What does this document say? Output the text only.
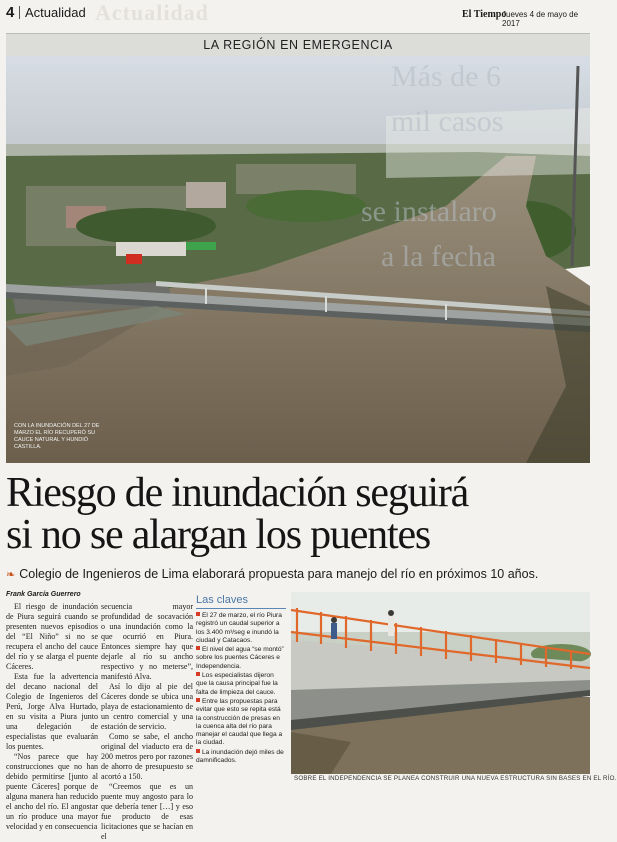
Actualidad
4 Actualidad	El Tiempo
Jueves 4 de mayo de 2017
LA REGIÓN EN EMERGENCIA
Más de 6
mil casos
se instalaro
a la fecha
CON LA INUNDACIÓN DEL 27 DE MARZO EL RÍO RECUPERÓ SU CAUCE NATURAL Y HUNDIÓ CASTILLA.
Riesgo de inundación seguirá
si no se alargan los puentes
❧ Colegio de Ingenieros de Lima elaborará propuesta para manejo del río en próximos 10 años.
Frank García Guerrero

El riesgo de inundación de Piura seguirá cuando se presenten nuevos episodios del “El Niño” si no se recupera el ancho del cauce del río y se alarga el puente Cáceres.

Esta fue la advertencia del decano nacional del Colegio de Ingenieros del Perú, Jorge Alva Hurtado, en su visita a Piura junto una delegación de especialistas que evaluarán los puentes.

“Nos parece que hay construcciones que no han debido permitirse [junto al puente Cáceres] porque de alguna manera han reducido el ancho del río. El angostar un río produce una mayor velocidad y en consecuencia

secuencia mayor profundidad de socavación o una inundación como la que ocurrió en Piura. Entonces siempre hay que dejarle al río su ancho respectivo y no meterse”, manifestó Alva.

Así lo dijo al pie del Cáceres donde se ubica una playa de estacionamiento de un centro comercial y una estación de servicio.

Como se sabe, el ancho original del viaducto era de 200 metros pero por razones de ahorro de presupuesto se acortó a 150.

“Creemos que es un puente muy angosto para lo que debería tener […] y eso fue producto de esas licitaciones que se hacían en el

Las claves
El 27 de marzo, el río Piura registró un caudal superior a los 3.400 m³/seg e inundó la ciudad y Catacaos.
El nivel del agua “se montó” sobre los puentes Cáceres e Independencia.
Los especialistas dijeron que la causa principal fue la falta de limpieza del cauce.
Entre las propuestas para evitar que esto se repita está la construcción de presas en la cuenca alta del río para manejar el caudal que llega a la ciudad.
La inundación dejó miles de damnificados.
SOBRE EL INDEPENDENCIA SE PLANEA CONSTRUIR UNA NUEVA ESTRUCTURA SIN BASES EN EL RÍO.
